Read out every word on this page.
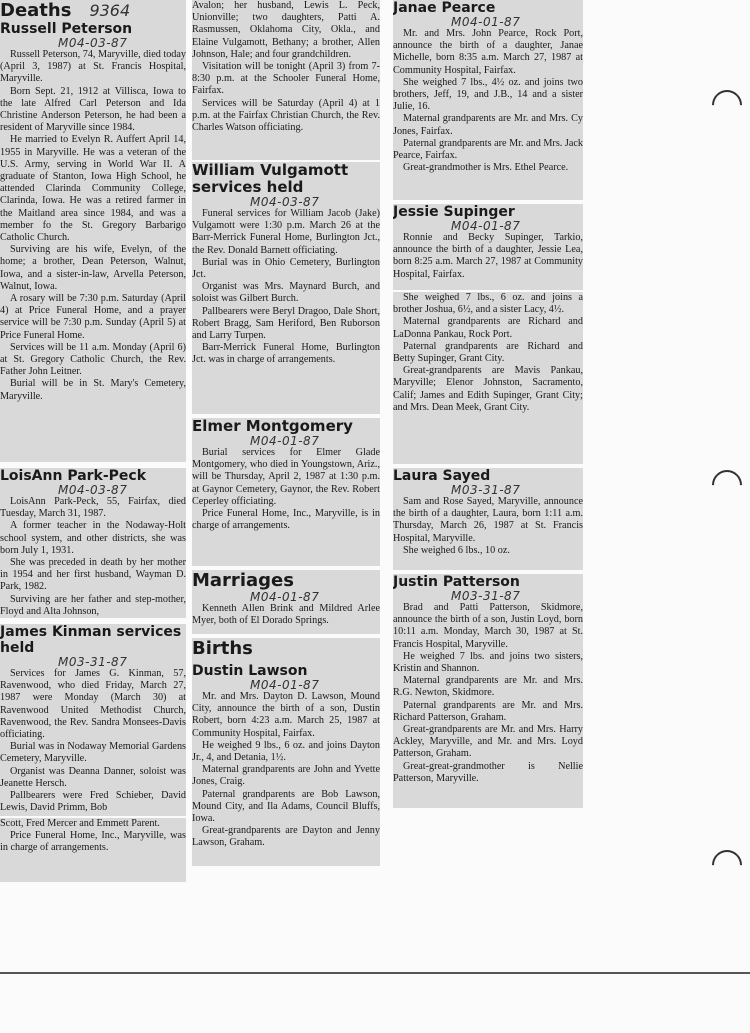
Deaths 9364

Russell Peterson

M04-03-87

Russell Peterson, 74, Maryville, died today (April 3, 1987) at St. Francis Hospital, Maryville.

Born Sept. 21, 1912 at Villisca, Iowa to the late Alfred Carl Peterson and Ida Christine Anderson Peterson, he had been a resident of Maryville since 1984.

He married to Evelyn R. Auffert April 14, 1955 in Maryville. He was a veteran of the U.S. Army, serving in World War II. A graduate of Stanton, Iowa High School, he attended Clarinda Community College, Clarinda, Iowa. He was a retired farmer in the Maitland area since 1984, and was a member fo the St. Gregory Barbarigo Catholic Church.

Surviving are his wife, Evelyn, of the home; a brother, Dean Peterson, Walnut, Iowa, and a sister-in-law, Arvella Peterson, Walnut, Iowa.

A rosary will be 7:30 p.m. Saturday (April 4) at Price Funeral Home, and a prayer service will be 7:30 p.m. Sunday (April 5) at Price Funeral Home.

Services will be 11 a.m. Monday (April 6) at St. Gregory Catholic Church, the Rev. Father John Leitner.

Burial will be in St. Mary's Cemetery, Maryville.

LoisAnn Park-Peck

M04-03-87

LoisAnn Park-Peck, 55, Fairfax, died Tuesday, March 31, 1987.

A former teacher in the Nodaway-Holt school system, and other districts, she was born July 1, 1931.

She was preceded in death by her mother in 1954 and her first husband, Wayman D. Park, 1982.

Surviving are her father and step-mother, Floyd and Alta Johnson,

James Kinman services held

M03-31-87

Services for James G. Kinman, 57, Ravenwood, who died Friday, March 27, 1987 were Monday (March 30) at Ravenwood United Methodist Church, Ravenwood, the Rev. Sandra Monsees-Davis officiating.

Burial was in Nodaway Memorial Gardens Cemetery, Maryville.

Organist was Deanna Danner, soloist was Jeanette Hersch.

Pallbearers were Fred Schieber, David Lewis, David Primm, Bob

Scott, Fred Mercer and Emmett Parent.

Price Funeral Home, Inc., Maryville, was in charge of arrangements.

Avalon; her husband, Lewis L. Peck, Unionville; two daughters, Patti A. Rasmussen, Oklahoma City, Okla., and Elaine Vulgamott, Bethany; a brother, Allen Johnson, Hale; and four grandchildren.

Visitation will be tonight (April 3) from 7-8:30 p.m. at the Schooler Funeral Home, Fairfax.

Services will be Saturday (April 4) at 1 p.m. at the Fairfax Christian Church, the Rev. Charles Watson officiating.

William Vulgamott services held

M04-03-87

Funeral services for William Jacob (Jake) Vulgamott were 1:30 p.m. March 26 at the Barr-Merrick Funeral Home, Burlington Jct., the Rev. Donald Barnett officiating.

Burial was in Ohio Cemetery, Burlington Jct.

Organist was Mrs. Maynard Burch, and soloist was Gilbert Burch.

Pallbearers were Beryl Dragoo, Dale Short, Robert Bragg, Sam Heriford, Ben Ruborson and Larry Turpen.

Barr-Merrick Funeral Home, Burlington Jct. was in charge of arrangements.

Elmer Montgomery

M04-01-87

Burial services for Elmer Glade Montgomery, who died in Youngstown, Ariz., will be Thursday, April 2, 1987 at 1:30 p.m. at Gaynor Cemetery, Gaynor, the Rev. Robert Ceperley officiating.

Price Funeral Home, Inc., Maryville, is in charge of arrangements.

Marriages

M04-01-87

Kenneth Allen Brink and Mildred Arlee Myer, both of El Dorado Springs.

Births

Dustin Lawson

M04-01-87

Mr. and Mrs. Dayton D. Lawson, Mound City, announce the birth of a son, Dustin Robert, born 4:23 a.m. March 25, 1987 at Community Hospital, Fairfax.

He weighed 9 lbs., 6 oz. and joins Dayton Jr., 4, and Detania, 1½.

Maternal grandparents are John and Yvette Jones, Craig.

Paternal grandparents are Bob Lawson, Mound City, and Ila Adams, Council Bluffs, Iowa.

Great-grandparents are Dayton and Jenny Lawson, Graham.

Janae Pearce

M04-01-87

Mr. and Mrs. John Pearce, Rock Port, announce the birth of a daughter, Janae Michelle, born 8:35 a.m. March 27, 1987 at Community Hospital, Fairfax.

She weighed 7 lbs., 4½ oz. and joins two brothers, Jeff, 19, and J.B., 14 and a sister Julie, 16.

Maternal grandparents are Mr. and Mrs. Cy Jones, Fairfax.

Paternal grandparents are Mr. and Mrs. Jack Pearce, Fairfax.

Great-grandmother is Mrs. Ethel Pearce.

Jessie Supinger

M04-01-87

Ronnie and Becky Supinger, Tarkio, announce the birth of a daughter, Jessie Lea, born 8:25 a.m. March 27, 1987 at Community Hospital, Fairfax.

She weighed 7 lbs., 6 oz. and joins a brother Joshua, 6½, and a sister Lacy, 4½.

Maternal grandparents are Richard and LaDonna Pankau, Rock Port.

Paternal grandparents are Richard and Betty Supinger, Grant City.

Great-grandparents are Mavis Pankau, Maryville; Elenor Johnston, Sacramento, Calif; James and Edith Supinger, Grant City; and Mrs. Dean Meek, Grant City.

Laura Sayed

M03-31-87

Sam and Rose Sayed, Maryville, announce the birth of a daughter, Laura, born 1:11 a.m. Thursday, March 26, 1987 at St. Francis Hospital, Maryville.

She weighed 6 lbs., 10 oz.

Justin Patterson

M03-31-87

Brad and Patti Patterson, Skidmore, announce the birth of a son, Justin Loyd, born 10:11 a.m. Monday, March 30, 1987 at St. Francis Hospital, Maryville.

He weighed 7 lbs. and joins two sisters, Kristin and Shannon.

Maternal grandparents are Mr. and Mrs. R.G. Newton, Skidmore.

Paternal grandparents are Mr. and Mrs. Richard Patterson, Graham.

Great-grandparents are Mr. and Mrs. Harry Ackley, Maryville, and Mr. and Mrs. Loyd Patterson, Graham.

Great-great-grandmother is Nellie Patterson, Maryville.
